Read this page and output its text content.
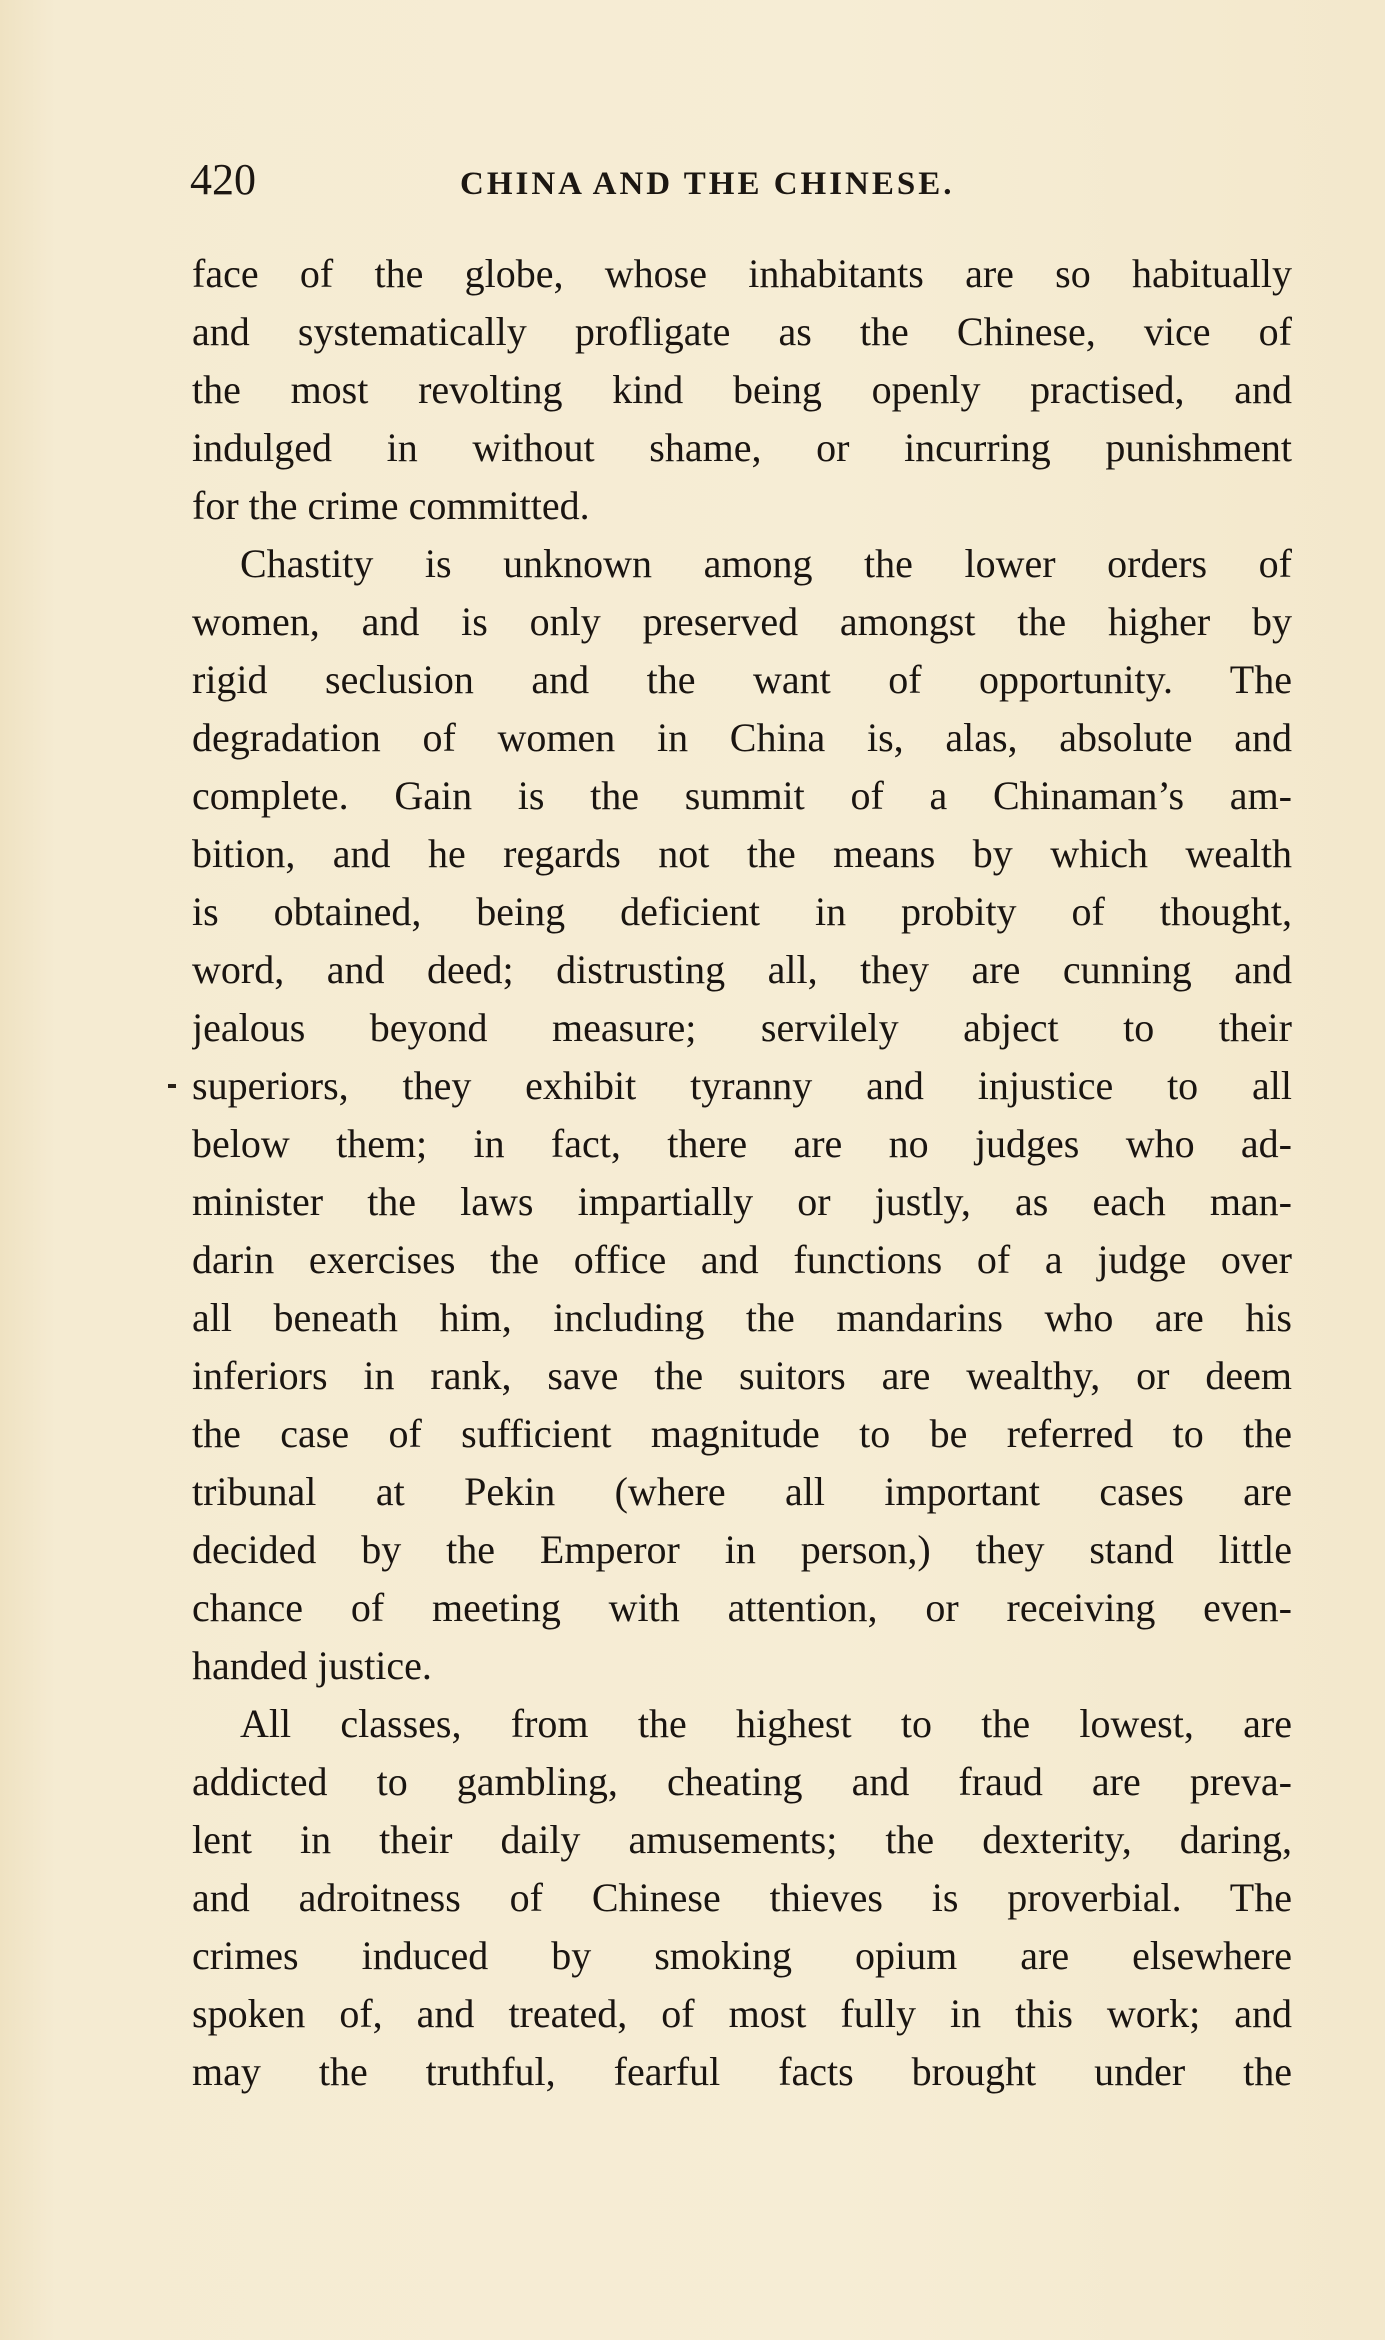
420	CHINA AND THE CHINESE.
face of the globe, whose inhabitants are so habitually
and systematically profligate as the Chinese, vice of
the most revolting kind being openly practised, and
indulged in without shame, or incurring punishment
for the crime committed.
Chastity is unknown among the lower orders of
women, and is only preserved amongst the higher by
rigid seclusion and the want of opportunity. The
degradation of women in China is, alas, absolute and
complete. Gain is the summit of a Chinaman’s am-
bition, and he regards not the means by which wealth
is obtained, being deficient in probity of thought,
word, and deed; distrusting all, they are cunning and
jealous beyond measure; servilely abject to their
superiors, they exhibit tyranny and injustice to all
below them; in fact, there are no judges who ad-
minister the laws impartially or justly, as each man-
darin exercises the office and functions of a judge over
all beneath him, including the mandarins who are his
inferiors in rank, save the suitors are wealthy, or deem
the case of sufficient magnitude to be referred to the
tribunal at Pekin (where all important cases are
decided by the Emperor in person,) they stand little
chance of meeting with attention, or receiving even-
handed justice.
All classes, from the highest to the lowest, are
addicted to gambling, cheating and fraud are preva-
lent in their daily amusements; the dexterity, daring,
and adroitness of Chinese thieves is proverbial. The
crimes induced by smoking opium are elsewhere
spoken of, and treated, of most fully in this work; and
may the truthful, fearful facts brought under the
